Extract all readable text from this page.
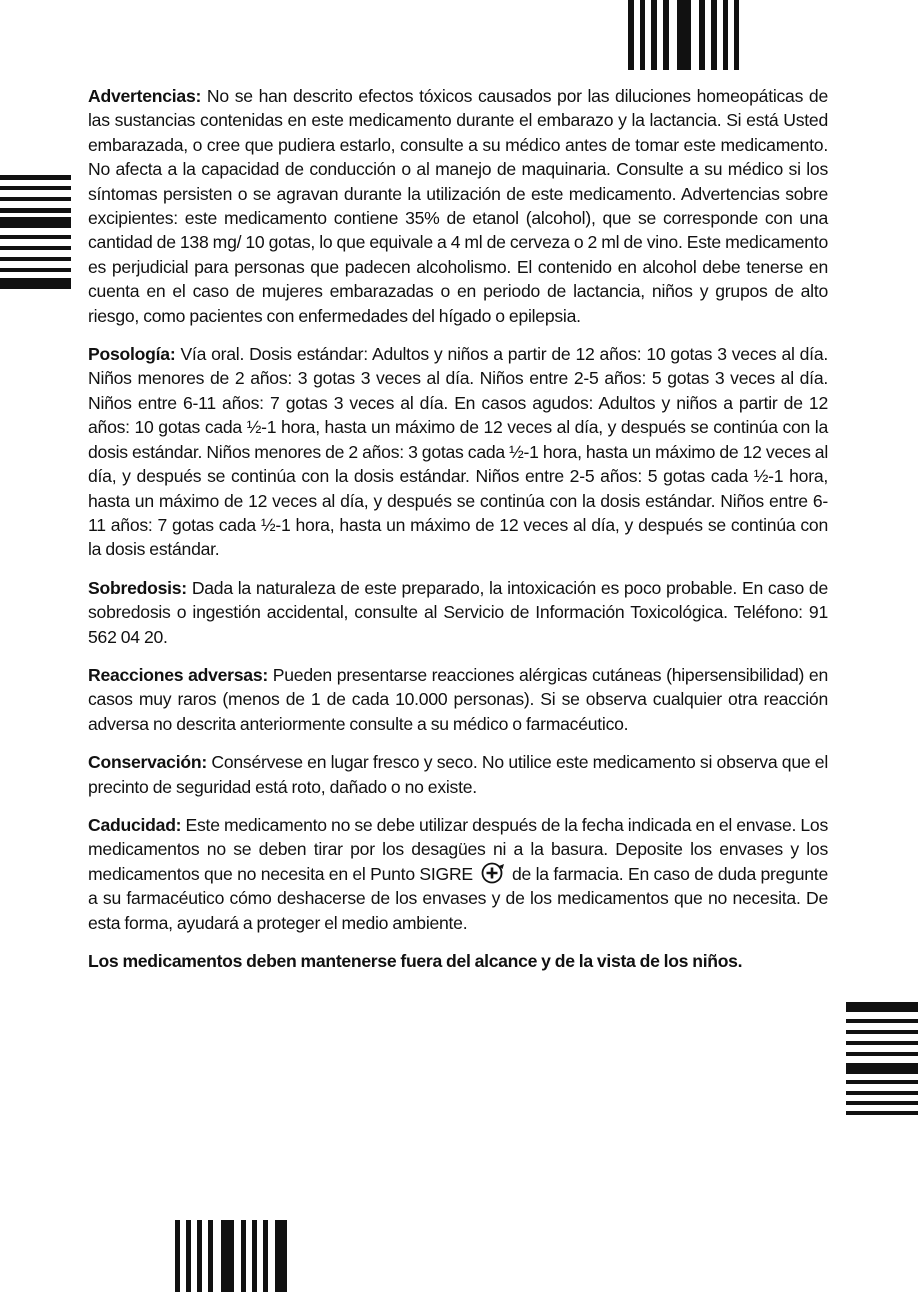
Advertencias: No se han descrito efectos tóxicos causados por las diluciones homeopáticas de las sustancias contenidas en este medicamento durante el embarazo y la lactancia. Si está Usted embarazada, o cree que pudiera estarlo, consulte a su médico antes de tomar este medicamento. No afecta a la capacidad de conducción o al manejo de maquinaria. Consulte a su médico si los síntomas persisten o se agravan durante la utilización de este medicamento. Advertencias sobre excipientes: este medicamento contiene 35% de etanol (alcohol), que se corresponde con una cantidad de 138 mg/ 10 gotas, lo que equivale a 4 ml de cerveza o 2 ml de vino. Este medicamento es perjudicial para personas que padecen alcoholismo. El contenido en alcohol debe tenerse en cuenta en el caso de mujeres embarazadas o en periodo de lactancia, niños y grupos de alto riesgo, como pacientes con enfermedades del hígado o epilepsia.

Posología: Vía oral. Dosis estándar: Adultos y niños a partir de 12 años: 10 gotas 3 veces al día. Niños menores de 2 años: 3 gotas 3 veces al día. Niños entre 2-5 años: 5 gotas 3 veces al día. Niños entre 6-11 años: 7 gotas 3 veces al día. En casos agudos: Adultos y niños a partir de 12 años: 10 gotas cada ½-1 hora, hasta un máximo de 12 veces al día, y después se continúa con la dosis estándar. Niños menores de 2 años: 3 gotas cada ½-1 hora, hasta un máximo de 12 veces al día, y después se continúa con la dosis estándar. Niños entre 2-5 años: 5 gotas cada ½-1 hora, hasta un máximo de 12 veces al día, y después se continúa con la dosis estándar. Niños entre 6-11 años: 7 gotas cada ½-1 hora, hasta un máximo de 12 veces al día, y después se continúa con la dosis estándar.

Sobredosis: Dada la naturaleza de este preparado, la intoxicación es poco probable. En caso de sobredosis o ingestión accidental, consulte al Servicio de Información Toxicológica. Teléfono: 91 562 04 20.

Reacciones adversas: Pueden presentarse reacciones alérgicas cutáneas (hipersensibilidad) en casos muy raros (menos de 1 de cada 10.000 personas). Si se observa cualquier otra reacción adversa no descrita anteriormente consulte a su médico o farmacéutico.

Conservación: Consérvese en lugar fresco y seco. No utilice este medicamento si observa que el precinto de seguridad está roto, dañado o no existe.

Caducidad: Este medicamento no se debe utilizar después de la fecha indicada en el envase. Los medicamentos no se deben tirar por los desagües ni a la basura. Deposite los envases y los medicamentos que no necesita en el Punto SIGRE  de la farmacia. En caso de duda pregunte a su farmacéutico cómo deshacerse de los envases y de los medicamentos que no necesita. De esta forma, ayudará a proteger el medio ambiente.

Los medicamentos deben mantenerse fuera del alcance y de la vista de los niños.
